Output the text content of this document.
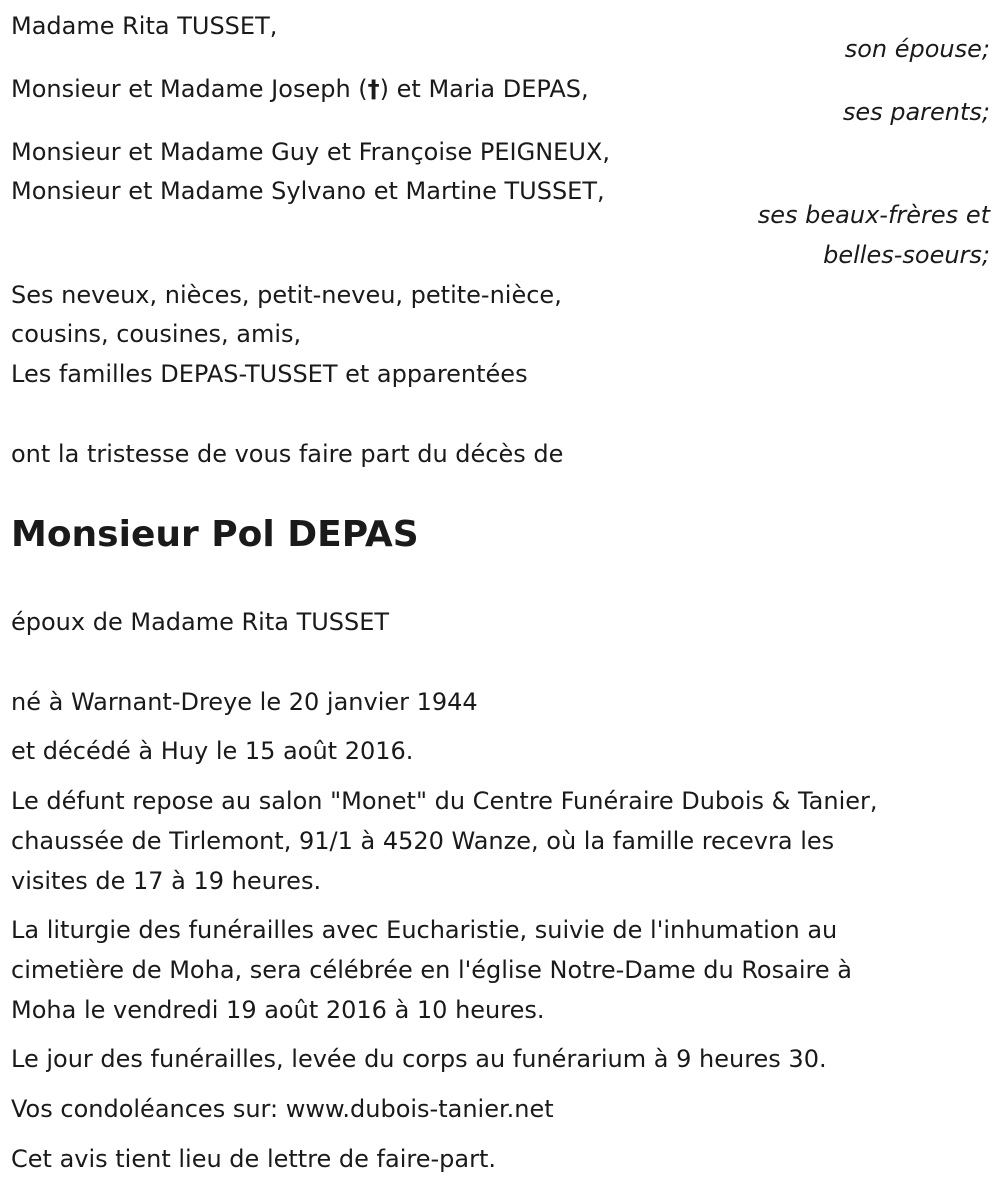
Madame Rita TUSSET,
son épouse;
Monsieur et Madame Joseph (†) et Maria DEPAS,
ses parents;
Monsieur et Madame Guy et Françoise PEIGNEUX,
Monsieur et Madame Sylvano et Martine TUSSET,
ses beaux-frères et
belles-soeurs;
Ses neveux, nièces, petit-neveu, petite-nièce,
cousins, cousines, amis,
Les familles DEPAS-TUSSET et apparentées
ont la tristesse de vous faire part du décès de
Monsieur Pol DEPAS
époux de Madame Rita TUSSET
né à Warnant-Dreye le 20 janvier 1944
et décédé à Huy le 15 août 2016.
Le défunt repose au salon "Monet" du Centre Funéraire Dubois & Tanier,
chaussée de Tirlemont, 91/1 à 4520 Wanze, où la famille recevra les
visites de 17 à 19 heures.
La liturgie des funérailles avec Eucharistie, suivie de l'inhumation au
cimetière de Moha, sera célébrée en l'église Notre-Dame du Rosaire à
Moha le vendredi 19 août 2016 à 10 heures.
Le jour des funérailles, levée du corps au funérarium à 9 heures 30.
Vos condoléances sur: www.dubois-tanier.net
Cet avis tient lieu de lettre de faire-part.
